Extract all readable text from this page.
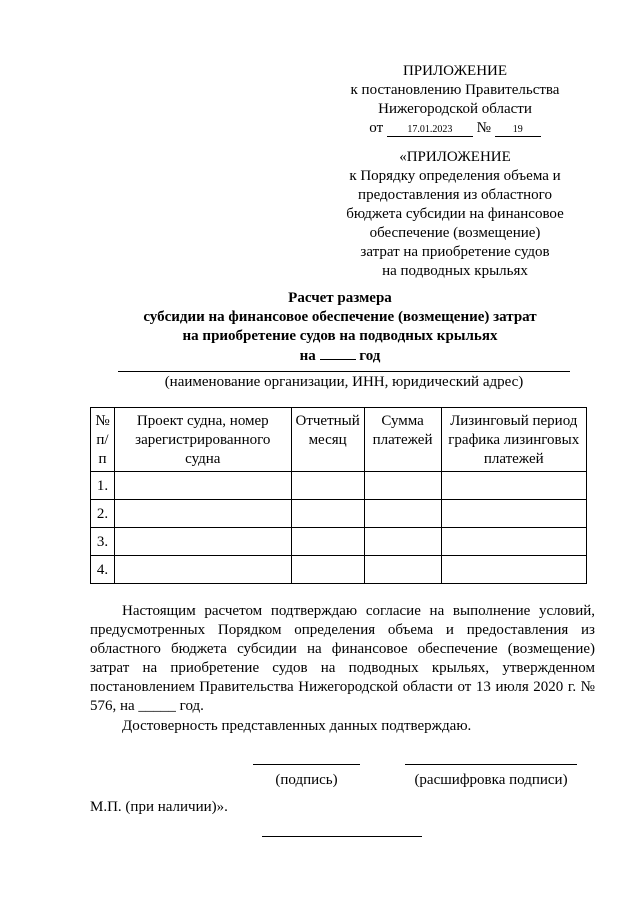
ПРИЛОЖЕНИЕ
к постановлению Правительства
Нижегородской области
от 17.01.2023 № 19
«ПРИЛОЖЕНИЕ
к Порядку определения объема и
предоставления из областного
бюджета субсидии на финансовое
обеспечение (возмещение)
затрат на приобретение судов
на подводных крыльях
Расчет размера
субсидии на финансовое обеспечение (возмещение) затрат
на приобретение судов на подводных крыльях
на	год
(наименование организации, ИНН, юридический адрес)
№ п/ п	Проект судна, номер зарегистрированного судна	Отчетный месяц	Сумма платежей	Лизинговый период графика лизинговых платежей
1.				
2.				
3.				
4.				
Настоящим расчетом подтверждаю согласие на выполнение условий, предусмотренных Порядком определения объема и предоставления из областного бюджета субсидии на финансовое обеспечение (возмещение) затрат на приобретение судов на подводных крыльях, утвержденном постановлением Правительства Нижегородской области от 13 июля 2020 г. № 576, на _____ год.
Достоверность представленных данных подтверждаю.
(подпись)	(расшифровка подписи)
М.П. (при наличии)».
